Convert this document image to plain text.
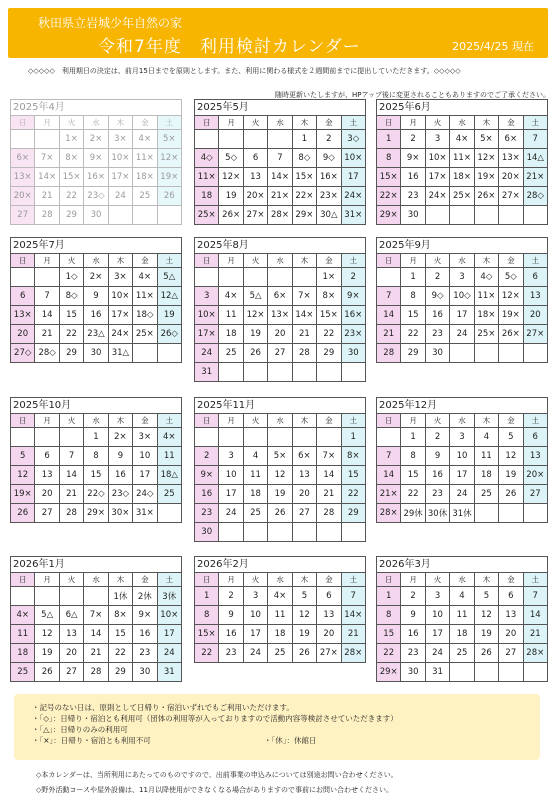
秋田県立岩城少年自然の家
令和7年度　利用検討カレンダー	2025/4/25 現在
◇◇◇◇◇　利用期日の決定は、前月15日までを原則とします。また、利用に関わる様式を２週間前までに提出していただきます。◇◇◇◇◇
随時更新いたしますが、HPアップ後に変更されることもありますのでご了承ください。
2025年4月
日	月	火	水	木	金	土
		1×	2×	3×	4×	5×
6×	7×	8×	9×	10×	11×	12×
13×	14×	15×	16×	17×	18×	19×
20×	21	22	23◇	24	25	26
27	28	29	30			
2025年5月
日	月	火	水	木	金	土
				1	2	3◇
4◇	5◇	6	7	8◇	9◇	10×
11×	12×	13	14×	15×	16×	17
18	19	20×	21×	22×	23×	24×
25×	26×	27×	28×	29×	30△	31×
2025年6月
日	月	火	水	木	金	土
1	2	3	4×	5×	6×	7
8	9×	10×	11×	12×	13×	14△
15×	16	17×	18×	19×	20×	21×
22×	23	24×	25×	26×	27×	28◇
29×	30					
2025年7月
日	月	火	水	木	金	土
		1◇	2×	3×	4×	5△
6	7	8◇	9	10×	11×	12△
13×	14	15	16	17×	18◇	19
20	21	22	23△	24×	25×	26◇
27◇	28◇	29	30	31△		
2025年8月
日	月	火	水	木	金	土
					1×	2
3	4×	5△	6×	7×	8×	9×
10×	11	12×	13×	14×	15×	16×
17×	18	19	20	21	22	23×
24	25	26	27	28	29	30
31						
2025年9月
日	月	火	水	木	金	土
	1	2	3	4◇	5◇	6
7	8	9◇	10◇	11×	12×	13
14	15	16	17	18×	19×	20
21	22	23	24	25×	26×	27×
28	29	30				
2025年10月
日	月	火	水	木	金	土
			1	2×	3×	4×
5	6	7	8	9	10	11
12	13	14	15	16	17	18△
19×	20	21	22◇	23◇	24◇	25
26	27	28	29×	30×	31×	
2025年11月
日	月	火	水	木	金	土
						1
2	3	4	5×	6×	7×	8×
9×	10	11	12	13	14	15
16	17	18	19	20	21	22
23	24	25	26	27	28	29
30						
2025年12月
日	月	火	水	木	金	土
	1	2	3	4	5	6
7	8	9	10	11	12	13
14	15	16	17	18	19	20×
21×	22	23	24	25	26	27
28×	29休	30休	31休			
2026年1月
日	月	火	水	木	金	土
				1休	2休	3休
4×	5△	6△	7×	8×	9×	10×
11	12	13	14	15	16	17
18	19	20	21	22	23	24
25	26	27	28	29	30	31
2026年2月
日	月	火	水	木	金	土
1	2	3	4×	5	6	7
8	9	10	11	12	13	14×
15×	16	17	18	19	20	21
22	23	24	25	26	27×	28×
2026年3月
日	月	火	水	木	金	土
1	2	3	4	5	6	7
8	9	10	11	12	13	14
15	16	17	18	19	20	21
22	23	24	25	26	27	28×
29×	30	31				
・記号のない日は、原則として日帰り・宿泊いずれでもご利用いただけます。
・「◇」：日帰り・宿泊とも利用可（団体の利用等が入っておりますので活動内容等検討させていただきます）
・「△」：日帰りのみの利用可
・「×」：日帰り・宿泊とも利用不可	・「休」：休館日
◇本カレンダーは、当所利用にあたってのものですので、出前事業の申込みについては別途お問い合わせください。
◇野外活動コースや屋外設備は、11月以降使用ができなくなる場合がありますので事前にお問い合わせください。
